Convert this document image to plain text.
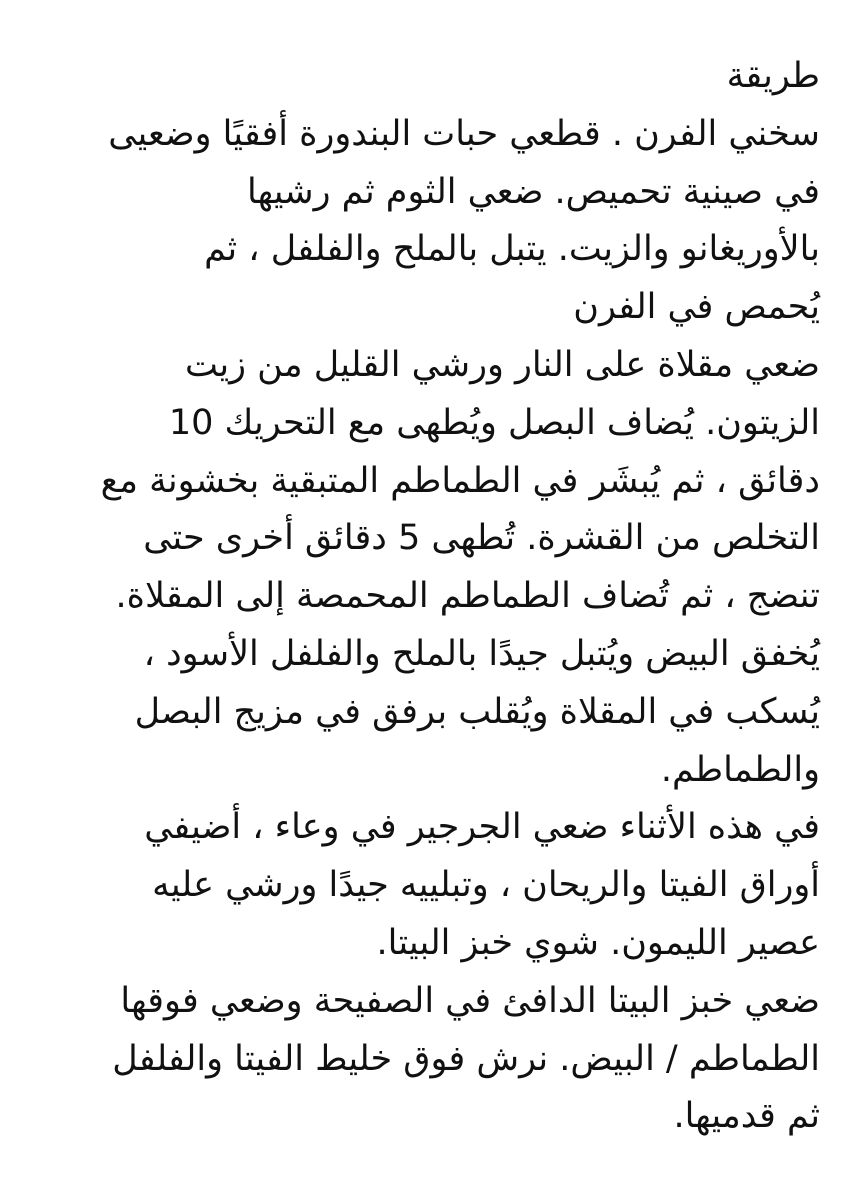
طريقة
سخني الفرن . قطعي حبات البندورة أفقيًا وضعيى
في صينية تحميص. ضعي الثوم ثم رشيها
بالأوريغانو والزيت. يتبل بالملح والفلفل ، ثم
يُحمص في الفرن
ضعي مقلاة على النار ورشي القليل من زيت
الزيتون. يُضاف البصل ويُطهى مع التحريك 10
دقائق ، ثم يُبشَر في الطماطم المتبقية بخشونة مع
التخلص من القشرة. تُطهى 5 دقائق أخرى حتى
تنضج ، ثم تُضاف الطماطم المحمصة إلى المقلاة.
يُخفق البيض ويُتبل جيدًا بالملح والفلفل الأسود ،
يُسكب في المقلاة ويُقلب برفق في مزيج البصل
والطماطم.
في هذه الأثناء ضعي الجرجير في وعاء ، أضيفي
أوراق الفيتا والريحان ، وتبلييه جيدًا ورشي عليه
عصير الليمون. شوي خبز البيتا.
ضعي خبز البيتا الدافئ في الصفيحة وضعي فوقها
الطماطم / البيض. نرش فوق خليط الفيتا والفلفل
ثم قدميها.
